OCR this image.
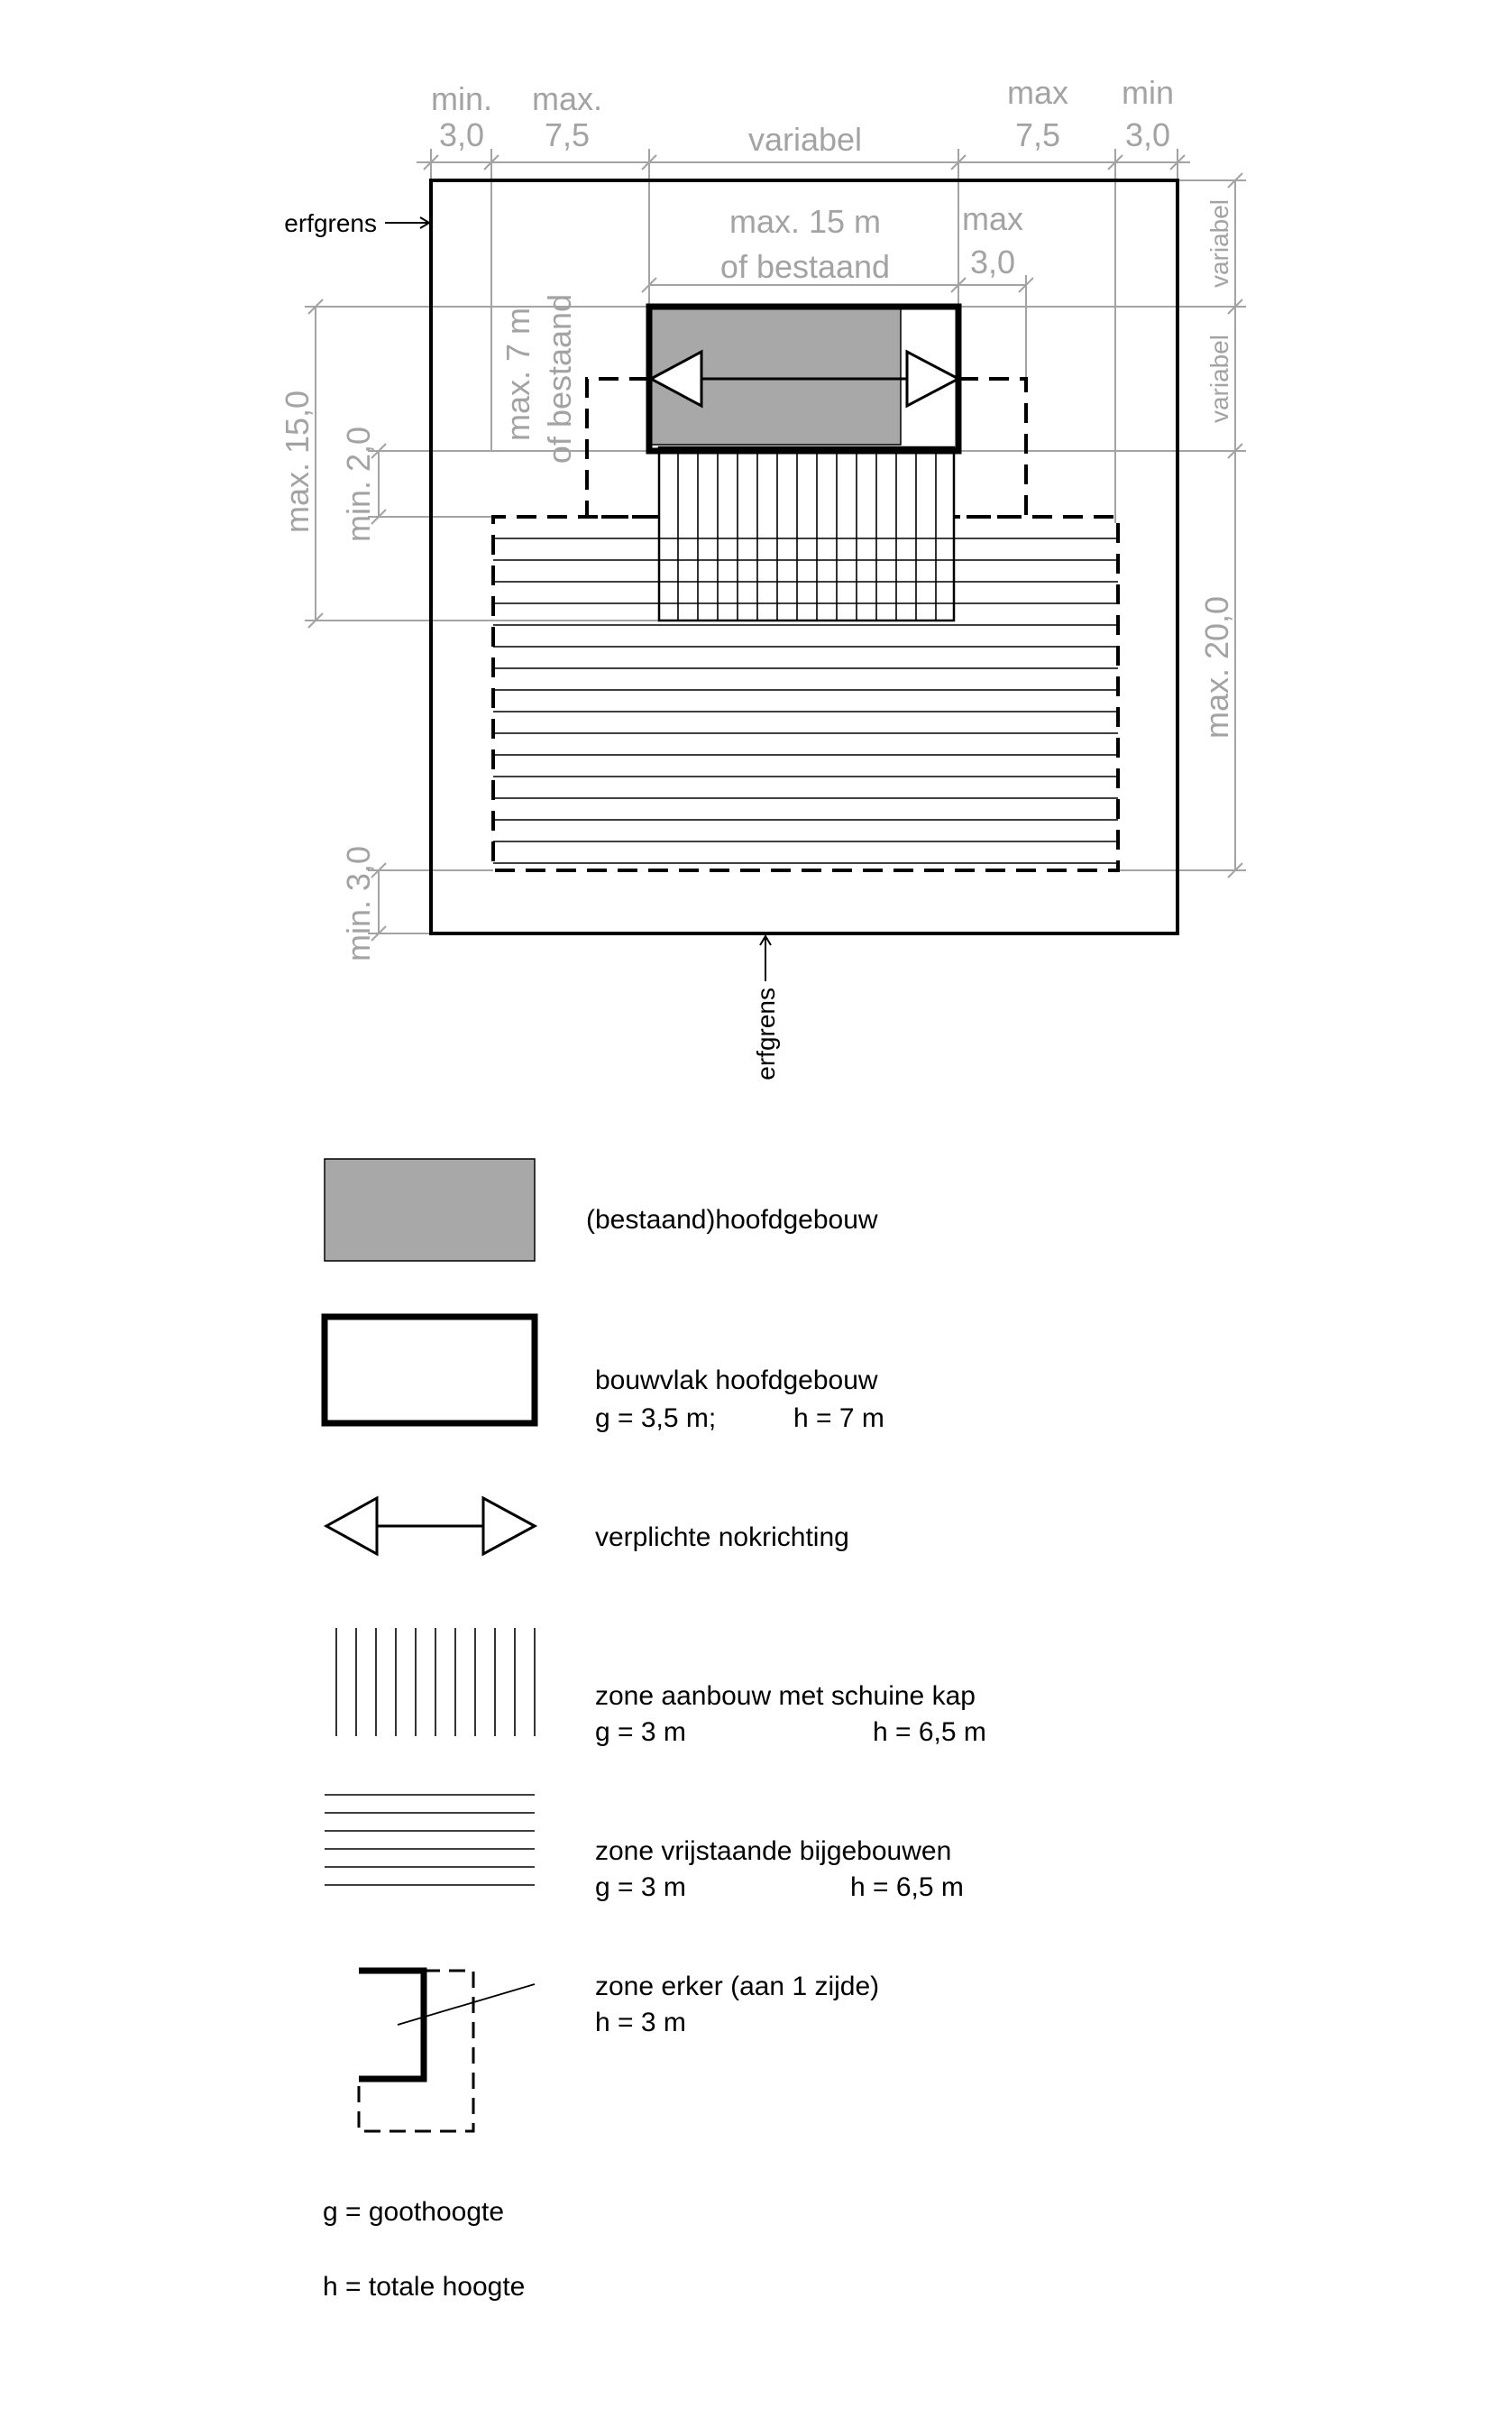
erfgrens
erfgrens
min.
3,0
max.
7,5	variabel
max
7,5
min
3,0
max. 15 m
of bestaand
max
3,0
max. 7 m of bestaand
max. 15,0 min. 2,0
min. 3,0
variabel
variabel
max. 20,0
(bestaand)hoofdgebouw
bouwvlak hoofdgebouw
g = 3,5 m;	h = 7 m
verplichte nokrichting
zone aanbouw met schuine kap
g = 3 m	h = 6,5 m
zone vrijstaande bijgebouwen
g = 3 m	h = 6,5 m
zone erker (aan 1 zijde)
h = 3 m
g = goothoogte
h = totale hoogte
